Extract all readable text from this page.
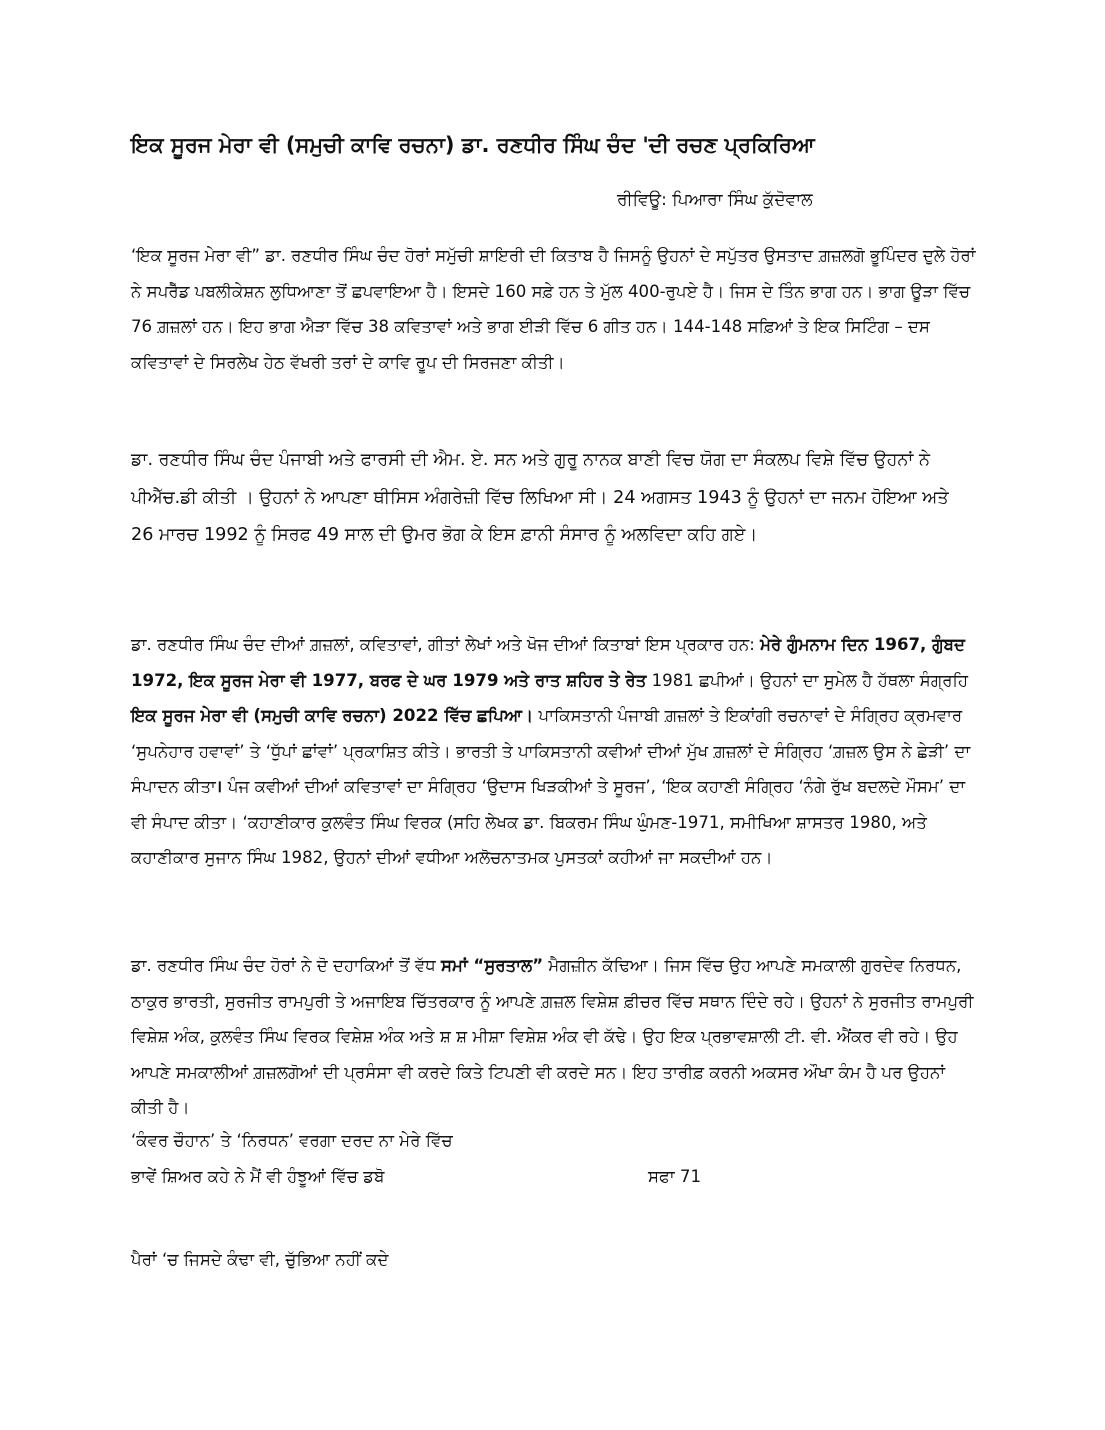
ਇਕ ਸੂਰਜ ਮੇਰਾ ਵੀ (ਸਮੁਚੀ ਕਾਵਿ ਰਚਨਾ) ਡਾ. ਰਣਧੀਰ ਸਿੰਘ ਚੰਦ 'ਦੀ ਰਚਣ ਪ੍ਰਕਿਰਿਆ

ਰੀਵਿਊ: ਪਿਆਰਾ ਸਿੰਘ ਕੁੱਦੋਵਾਲ

‘ਇਕ ਸੂਰਜ ਮੇਰਾ ਵੀ” ਡਾ. ਰਣਧੀਰ ਸਿੰਘ ਚੰਦ ਹੋਰਾਂ ਸਮੁੱਚੀ ਸ਼ਾਇਰੀ ਦੀ ਕਿਤਾਬ ਹੈ ਜਿਸਨੂੰ ਉਹਨਾਂ ਦੇ ਸਪੁੱਤਰ ਉਸਤਾਦ ਗ਼ਜ਼ਲਗੋ ਭੂਪਿੰਦਰ ਦੁਲੇ ਹੋਰਾਂ ਨੇ ਸਪਰੈੱਡ ਪਬਲੀਕੇਸ਼ਨ ਲੁਧਿਆਣਾ ਤੋਂ ਛਪਵਾਇਆ ਹੈ। ਇਸਦੇ 160 ਸਫ਼ੇ ਹਨ ਤੇ ਮੁੱਲ 400-ਰੁਪਏ ਹੈ। ਜਿਸ ਦੇ ਤਿੰਨ ਭਾਗ ਹਨ। ਭਾਗ ਊੜਾ ਵਿੱਚ 76 ਗ਼ਜ਼ਲਾਂ ਹਨ। ਇਹ ਭਾਗ ਐੜਾ ਵਿੱਚ 38 ਕਵਿਤਾਵਾਂ ਅਤੇ ਭਾਗ ਈੜੀ ਵਿੱਚ 6 ਗੀਤ ਹਨ। 144-148 ਸਫ਼ਿਆਂ ਤੇ ਇਕ ਸਿਟਿੰਗ – ਦਸ ਕਵਿਤਾਵਾਂ ਦੇ ਸਿਰਲੇਖ ਹੇਠ ਵੱਖਰੀ ਤਰਾਂ ਦੇ ਕਾਵਿ ਰੂਪ ਦੀ ਸਿਰਜਣਾ ਕੀਤੀ।

ਡਾ. ਰਣਧੀਰ ਸਿੰਘ ਚੰਦ ਪੰਜਾਬੀ ਅਤੇ ਫਾਰਸੀ ਦੀ ਐਮ. ਏ. ਸਨ ਅਤੇ ਗੁਰੂ ਨਾਨਕ ਬਾਣੀ ਵਿਚ ਯੋਗ ਦਾ ਸੰਕਲਪ ਵਿਸ਼ੇ ਵਿੱਚ ਉਹਨਾਂ ਨੇ ਪੀਐੱਚ.ਡੀ ਕੀਤੀ । ਉਹਨਾਂ ਨੇ ਆਪਣਾ ਥੀਸਿਸ ਅੰਗਰੇਜ਼ੀ ਵਿੱਚ ਲਿਖਿਆ ਸੀ। 24 ਅਗਸਤ 1943 ਨੂੰ ਉਹਨਾਂ ਦਾ ਜਨਮ ਹੋਇਆ ਅਤੇ 26 ਮਾਰਚ 1992 ਨੂੰ ਸਿਰਫ 49 ਸਾਲ ਦੀ ਉਮਰ ਭੋਗ ਕੇ ਇਸ ਫ਼ਾਨੀ ਸੰਸਾਰ ਨੂੰ ਅਲਵਿਦਾ ਕਹਿ ਗਏ।

ਡਾ. ਰਣਧੀਰ ਸਿੰਘ ਚੰਦ ਦੀਆਂ ਗ਼ਜ਼ਲਾਂ, ਕਵਿਤਾਵਾਂ, ਗੀਤਾਂ ਲੇਖਾਂ ਅਤੇ ਖੋਜ ਦੀਆਂ ਕਿਤਾਬਾਂ ਇਸ ਪ੍ਰਕਾਰ ਹਨ: ਮੇਰੇ ਗੁੰਮਨਾਮ ਦਿਨ 1967, ਗੁੰਬਦ 1972, ਇਕ ਸੂਰਜ ਮੇਰਾ ਵੀ 1977, ਬਰਫ ਦੇ ਘਰ 1979 ਅਤੇ ਰਾਤ ਸ਼ਹਿਰ ਤੇ ਰੇਤ 1981 ਛਪੀਆਂ। ਉਹਨਾਂ ਦਾ ਸੁਮੇਲ ਹੈ ਹੱਥਲਾ ਸੰਗ੍ਰਹਿ ਇਕ ਸੂਰਜ ਮੇਰਾ ਵੀ (ਸਮੁਚੀ ਕਾਵਿ ਰਚਨਾ) 2022 ਵਿੱਚ ਛਪਿਆ। ਪਾਕਿਸਤਾਨੀ ਪੰਜਾਬੀ ਗ਼ਜ਼ਲਾਂ ਤੇ ਇਕਾਂਗੀ ਰਚਨਾਵਾਂ ਦੇ ਸੰਗ੍ਰਿਹ ਕ੍ਰਮਵਾਰ ‘ਸੁਪਨੇਹਾਰ ਹਵਾਵਾਂ’ ਤੇ ‘ਧੁੱਪਾਂ ਛਾਂਵਾਂ’ ਪ੍ਰਕਾਸ਼ਿਤ ਕੀਤੇ। ਭਾਰਤੀ ਤੇ ਪਾਕਿਸਤਾਨੀ ਕਵੀਆਂ ਦੀਆਂ ਮੁੱਖ ਗ਼ਜ਼ਲਾਂ ਦੇ ਸੰਗ੍ਰਿਹ ‘ਗ਼ਜ਼ਲ ਉਸ ਨੇ ਛੇੜੀ’ ਦਾ ਸੰਪਾਦਨ ਕੀਤਾ। ਪੰਜ ਕਵੀਆਂ ਦੀਆਂ ਕਵਿਤਾਵਾਂ ਦਾ ਸੰਗ੍ਰਿਹ ‘ਉਦਾਸ ਖਿੜਕੀਆਂ ਤੇ ਸੂਰਜ’, ‘ਇਕ ਕਹਾਣੀ ਸੰਗ੍ਰਿਹ ‘ਨੰਗੇ ਰੁੱਖ ਬਦਲਦੇ ਮੌਸਮ’ ਦਾ ਵੀ ਸੰਪਾਦ ਕੀਤਾ। ‘ਕਹਾਣੀਕਾਰ ਕੁਲਵੰਤ ਸਿੰਘ ਵਿਰਕ (ਸਹਿ ਲੇਖਕ ਡਾ. ਬਿਕਰਮ ਸਿੰਘ ਘੁੰਮਣ-1971, ਸਮੀਖਿਆ ਸ਼ਾਸਤਰ 1980, ਅਤੇ ਕਹਾਣੀਕਾਰ ਸੁਜਾਨ ਸਿੰਘ 1982, ਉਹਨਾਂ ਦੀਆਂ ਵਧੀਆ ਅਲੋਚਨਾਤਮਕ ਪੁਸਤਕਾਂ ਕਹੀਆਂ ਜਾ ਸਕਦੀਆਂ ਹਨ।

ਡਾ. ਰਣਧੀਰ ਸਿੰਘ ਚੰਦ ਹੋਰਾਂ ਨੇ ਦੋ ਦਹਾਕਿਆਂ ਤੋਂ ਵੱਧ ਸਮਾਂ “ਸੁਰਤਾਲ” ਮੈਗਜ਼ੀਨ ਕੱਢਿਆ। ਜਿਸ ਵਿੱਚ ਉਹ ਆਪਣੇ ਸਮਕਾਲੀ ਗੁਰਦੇਵ ਨਿਰਧਨ, ਠਾਕੁਰ ਭਾਰਤੀ, ਸੁਰਜੀਤ ਰਾਮਪੁਰੀ ਤੇ ਅਜਾਇਬ ਚਿੱਤਰਕਾਰ ਨੂੰ ਆਪਣੇ ਗ਼ਜ਼ਲ ਵਿਸ਼ੇਸ਼ ਫ਼ੀਚਰ ਵਿੱਚ ਸਥਾਨ ਦਿੰਦੇ ਰਹੇ। ਉਹਨਾਂ ਨੇ ਸੁਰਜੀਤ ਰਾਮਪੁਰੀ ਵਿਸ਼ੇਸ਼ ਅੰਕ, ਕੁਲਵੰਤ ਸਿੰਘ ਵਿਰਕ ਵਿਸ਼ੇਸ਼ ਅੰਕ ਅਤੇ ਸ਼ ਸ਼ ਮੀਸ਼ਾ ਵਿਸ਼ੇਸ਼ ਅੰਕ ਵੀ ਕੱਢੇ। ਉਹ ਇਕ ਪ੍ਰਭਾਵਸ਼ਾਲੀ ਟੀ. ਵੀ. ਐਂਕਰ ਵੀ ਰਹੇ। ਉਹ ਆਪਣੇ ਸਮਕਾਲੀਆਂ ਗ਼ਜ਼ਲਗੋਆਂ ਦੀ ਪ੍ਰਸੰਸਾ ਵੀ ਕਰਦੇ ਕਿਤੇ ਟਿਪਣੀ ਵੀ ਕਰਦੇ ਸਨ। ਇਹ ਤਾਰੀਫ਼ ਕਰਨੀ ਅਕਸਰ ਔਖਾ ਕੰਮ ਹੈ ਪਰ ਉਹਨਾਂ ਕੀਤੀ ਹੈ।

‘ਕੰਵਰ ਚੌਹਾਨ’ ਤੇ ‘ਨਿਰਧਨ’ ਵਰਗਾ ਦਰਦ ਨਾ ਮੇਰੇ ਵਿੱਚ

ਭਾਵੇਂ ਸ਼ਿਅਰ ਕਹੇ ਨੇ ਮੈਂ ਵੀ ਹੰਝੂਆਂ ਵਿੱਚ ਡਬੋ	ਸਫਾ 71

ਪੈਰਾਂ ‘ਚ ਜਿਸਦੇ ਕੰਢਾ ਵੀ, ਚੁੱਭਿਆ ਨਹੀਂ ਕਦੇ
